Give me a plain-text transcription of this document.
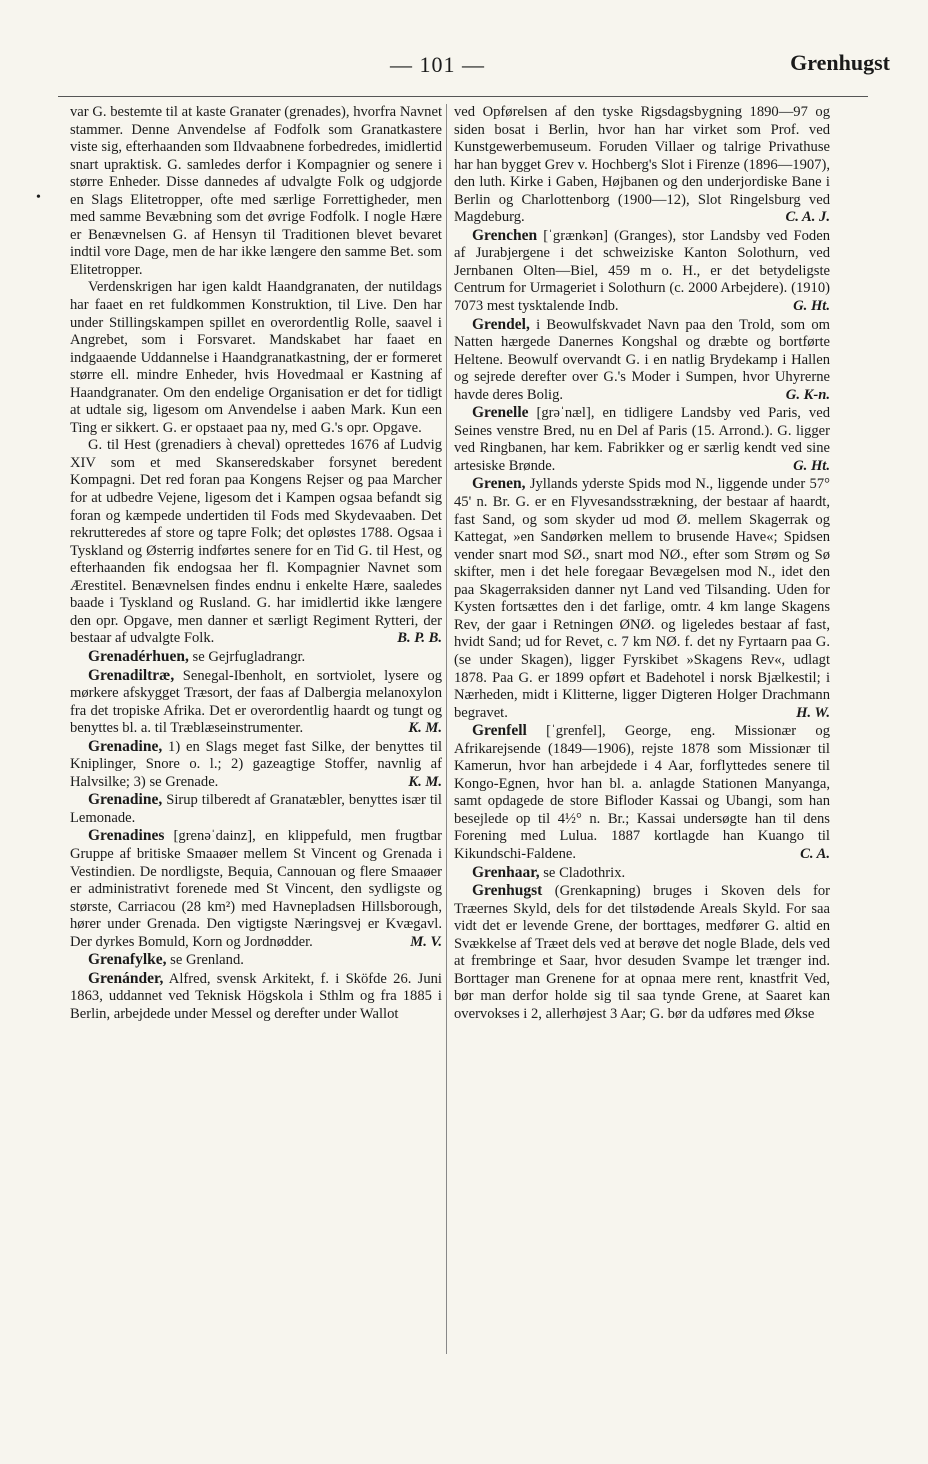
— 101 —	Grenhugst
•

var G. bestemte til at kaste Granater (grenades), hvorfra Navnet stammer. Denne Anvendelse af Fodfolk som Granatkastere viste sig, efterhaanden som Ildvaabnene forbedredes, imidlertid snart upraktisk. G. samledes derfor i Kompagnier og senere i større Enheder. Disse dannedes af udvalgte Folk og udgjorde en Slags Elitetropper, ofte med særlige Forrettigheder, men med samme Bevæbning som det øvrige Fodfolk. I nogle Hære er Benævnelsen G. af Hensyn til Traditionen blevet bevaret indtil vore Dage, men de har ikke længere den samme Bet. som Elitetropper.

Verdenskrigen har igen kaldt Haandgranaten, der nutildags har faaet en ret fuldkommen Konstruktion, til Live. Den har under Stillingskampen spillet en overordentlig Rolle, saavel i Angrebet, som i Forsvaret. Mandskabet har faaet en indgaaende Uddannelse i Haandgranatkastning, der er formeret større ell. mindre Enheder, hvis Hovedmaal er Kastning af Haandgranater. Om den endelige Organisation er det for tidligt at udtale sig, ligesom om Anvendelse i aaben Mark. Kun een Ting er sikkert. G. er opstaaet paa ny, med G.'s opr. Opgave.

G. til Hest (grenadiers à cheval) oprettedes 1676 af Ludvig XIV som et med Skanseredskaber forsynet beredent Kompagni. Det red foran paa Kongens Rejser og paa Marcher for at udbedre Vejene, ligesom det i Kampen ogsaa befandt sig foran og kæmpede undertiden til Fods med Skydevaaben. Det rekrutteredes af store og tapre Folk; det opløstes 1788. Ogsaa i Tyskland og Østerrig indførtes senere for en Tid G. til Hest, og efterhaanden fik endogsaa her fl. Kompagnier Navnet som Ærestitel. Benævnelsen findes endnu i enkelte Hære, saaledes baade i Tyskland og Rusland. G. har imidlertid ikke længere den opr. Opgave, men danner et særligt Regiment Rytteri, der bestaar af udvalgte Folk.	B. P. B.

Grenadérhuen, se Gejrfugladrangr.

Grenadiltræ, Senegal-Ibenholt, en sortviolet, lysere og mørkere afskygget Træsort, der faas af Dalbergia melanoxylon fra det tropiske Afrika. Det er overordentlig haardt og tungt og benyttes bl. a. til Træblæseinstrumenter.	K. M.

Grenadine, 1) en Slags meget fast Silke, der benyttes til Kniplinger, Snore o. l.; 2) gazeagtige Stoffer, navnlig af Halvsilke; 3) se Grenade.	K. M.

Grenadine, Sirup tilberedt af Granatæbler, benyttes især til Lemonade.

Grenadines [grenəˈdainz], en klippefuld, men frugtbar Gruppe af britiske Smaaøer mellem St Vincent og Grenada i Vestindien. De nordligste, Bequia, Cannouan og flere Smaaøer er administrativt forenede med St Vincent, den sydligste og største, Carriacou (28 km²) med Havnepladsen Hillsborough, hører under Grenada. Den vigtigste Næringsvej er Kvægavl. Der dyrkes Bomuld, Korn og Jordnødder.	M. V.

Grenafylke, se Grenland.

Grenánder, Alfred, svensk Arkitekt, f. i Sköfde 26. Juni 1863, uddannet ved Teknisk Högskola i Sthlm og fra 1885 i Berlin, arbejdede under Messel og derefter under Wallot

ved Opførelsen af den tyske Rigsdagsbygning 1890—97 og siden bosat i Berlin, hvor han har virket som Prof. ved Kunstgewerbemuseum. Foruden Villaer og talrige Privathuse har han bygget Grev v. Hochberg's Slot i Firenze (1896—1907), den luth. Kirke i Gaben, Højbanen og den underjordiske Bane i Berlin og Charlottenborg (1900—12), Slot Ringelsburg ved Magdeburg.	C. A. J.

Grenchen [ˈgrænkən] (Granges), stor Landsby ved Foden af Jurabjergene i det schweiziske Kanton Solothurn, ved Jernbanen Olten—Biel, 459 m o. H., er det betydeligste Centrum for Urmageriet i Solothurn (c. 2000 Arbejdere). (1910) 7073 mest tysktalende Indb.	G. Ht.

Grendel, i Beowulfskvadet Navn paa den Trold, som om Natten hærgede Danernes Kongshal og dræbte og bortførte Heltene. Beowulf overvandt G. i en natlig Brydekamp i Hallen og sejrede derefter over G.'s Moder i Sumpen, hvor Uhyrerne havde deres Bolig.	G. K-n.

Grenelle [grəˈnæl], en tidligere Landsby ved Paris, ved Seines venstre Bred, nu en Del af Paris (15. Arrond.). G. ligger ved Ringbanen, har kem. Fabrikker og er særlig kendt ved sine artesiske Brønde.	G. Ht.

Grenen, Jyllands yderste Spids mod N., liggende under 57° 45' n. Br. G. er en Flyvesandsstrækning, der bestaar af haardt, fast Sand, og som skyder ud mod Ø. mellem Skagerrak og Kattegat, »en Sandørken mellem to brusende Have«; Spidsen vender snart mod SØ., snart mod NØ., efter som Strøm og Sø skifter, men i det hele foregaar Bevægelsen mod N., idet den paa Skagerraksiden danner nyt Land ved Tilsanding. Uden for Kysten fortsættes den i det farlige, omtr. 4 km lange Skagens Rev, der gaar i Retningen ØNØ. og ligeledes bestaar af fast, hvidt Sand; ud for Revet, c. 7 km NØ. f. det ny Fyrtaarn paa G. (se under Skagen), ligger Fyrskibet »Skagens Rev«, udlagt 1878. Paa G. er 1899 opført et Badehotel i norsk Bjælkestil; i Nærheden, midt i Klitterne, ligger Digteren Holger Drachmann begravet.	H. W.

Grenfell [ˈgrenfel], George, eng. Missionær og Afrikarejsende (1849—1906), rejste 1878 som Missionær til Kamerun, hvor han arbejdede i 4 Aar, forflyttedes senere til Kongo-Egnen, hvor han bl. a. anlagde Stationen Manyanga, samt opdagede de store Bifloder Kassai og Ubangi, som han besejlede op til 4½° n. Br.; Kassai undersøgte han til dens Forening med Lulua. 1887 kortlagde han Kuango til Kikundschi-Faldene.	C. A.

Grenhaar, se Cladothrix.

Grenhugst (Grenkapning) bruges i Skoven dels for Træernes Skyld, dels for det tilstødende Areals Skyld. For saa vidt det er levende Grene, der borttages, medfører G. altid en Svækkelse af Træet dels ved at berøve det nogle Blade, dels ved at frembringe et Saar, hvor desuden Svampe let trænger ind. Borttager man Grenene for at opnaa mere rent, knastfrit Ved, bør man derfor holde sig til saa tynde Grene, at Saaret kan overvokses i 2, allerhøjest 3 Aar; G. bør da udføres med Økse
